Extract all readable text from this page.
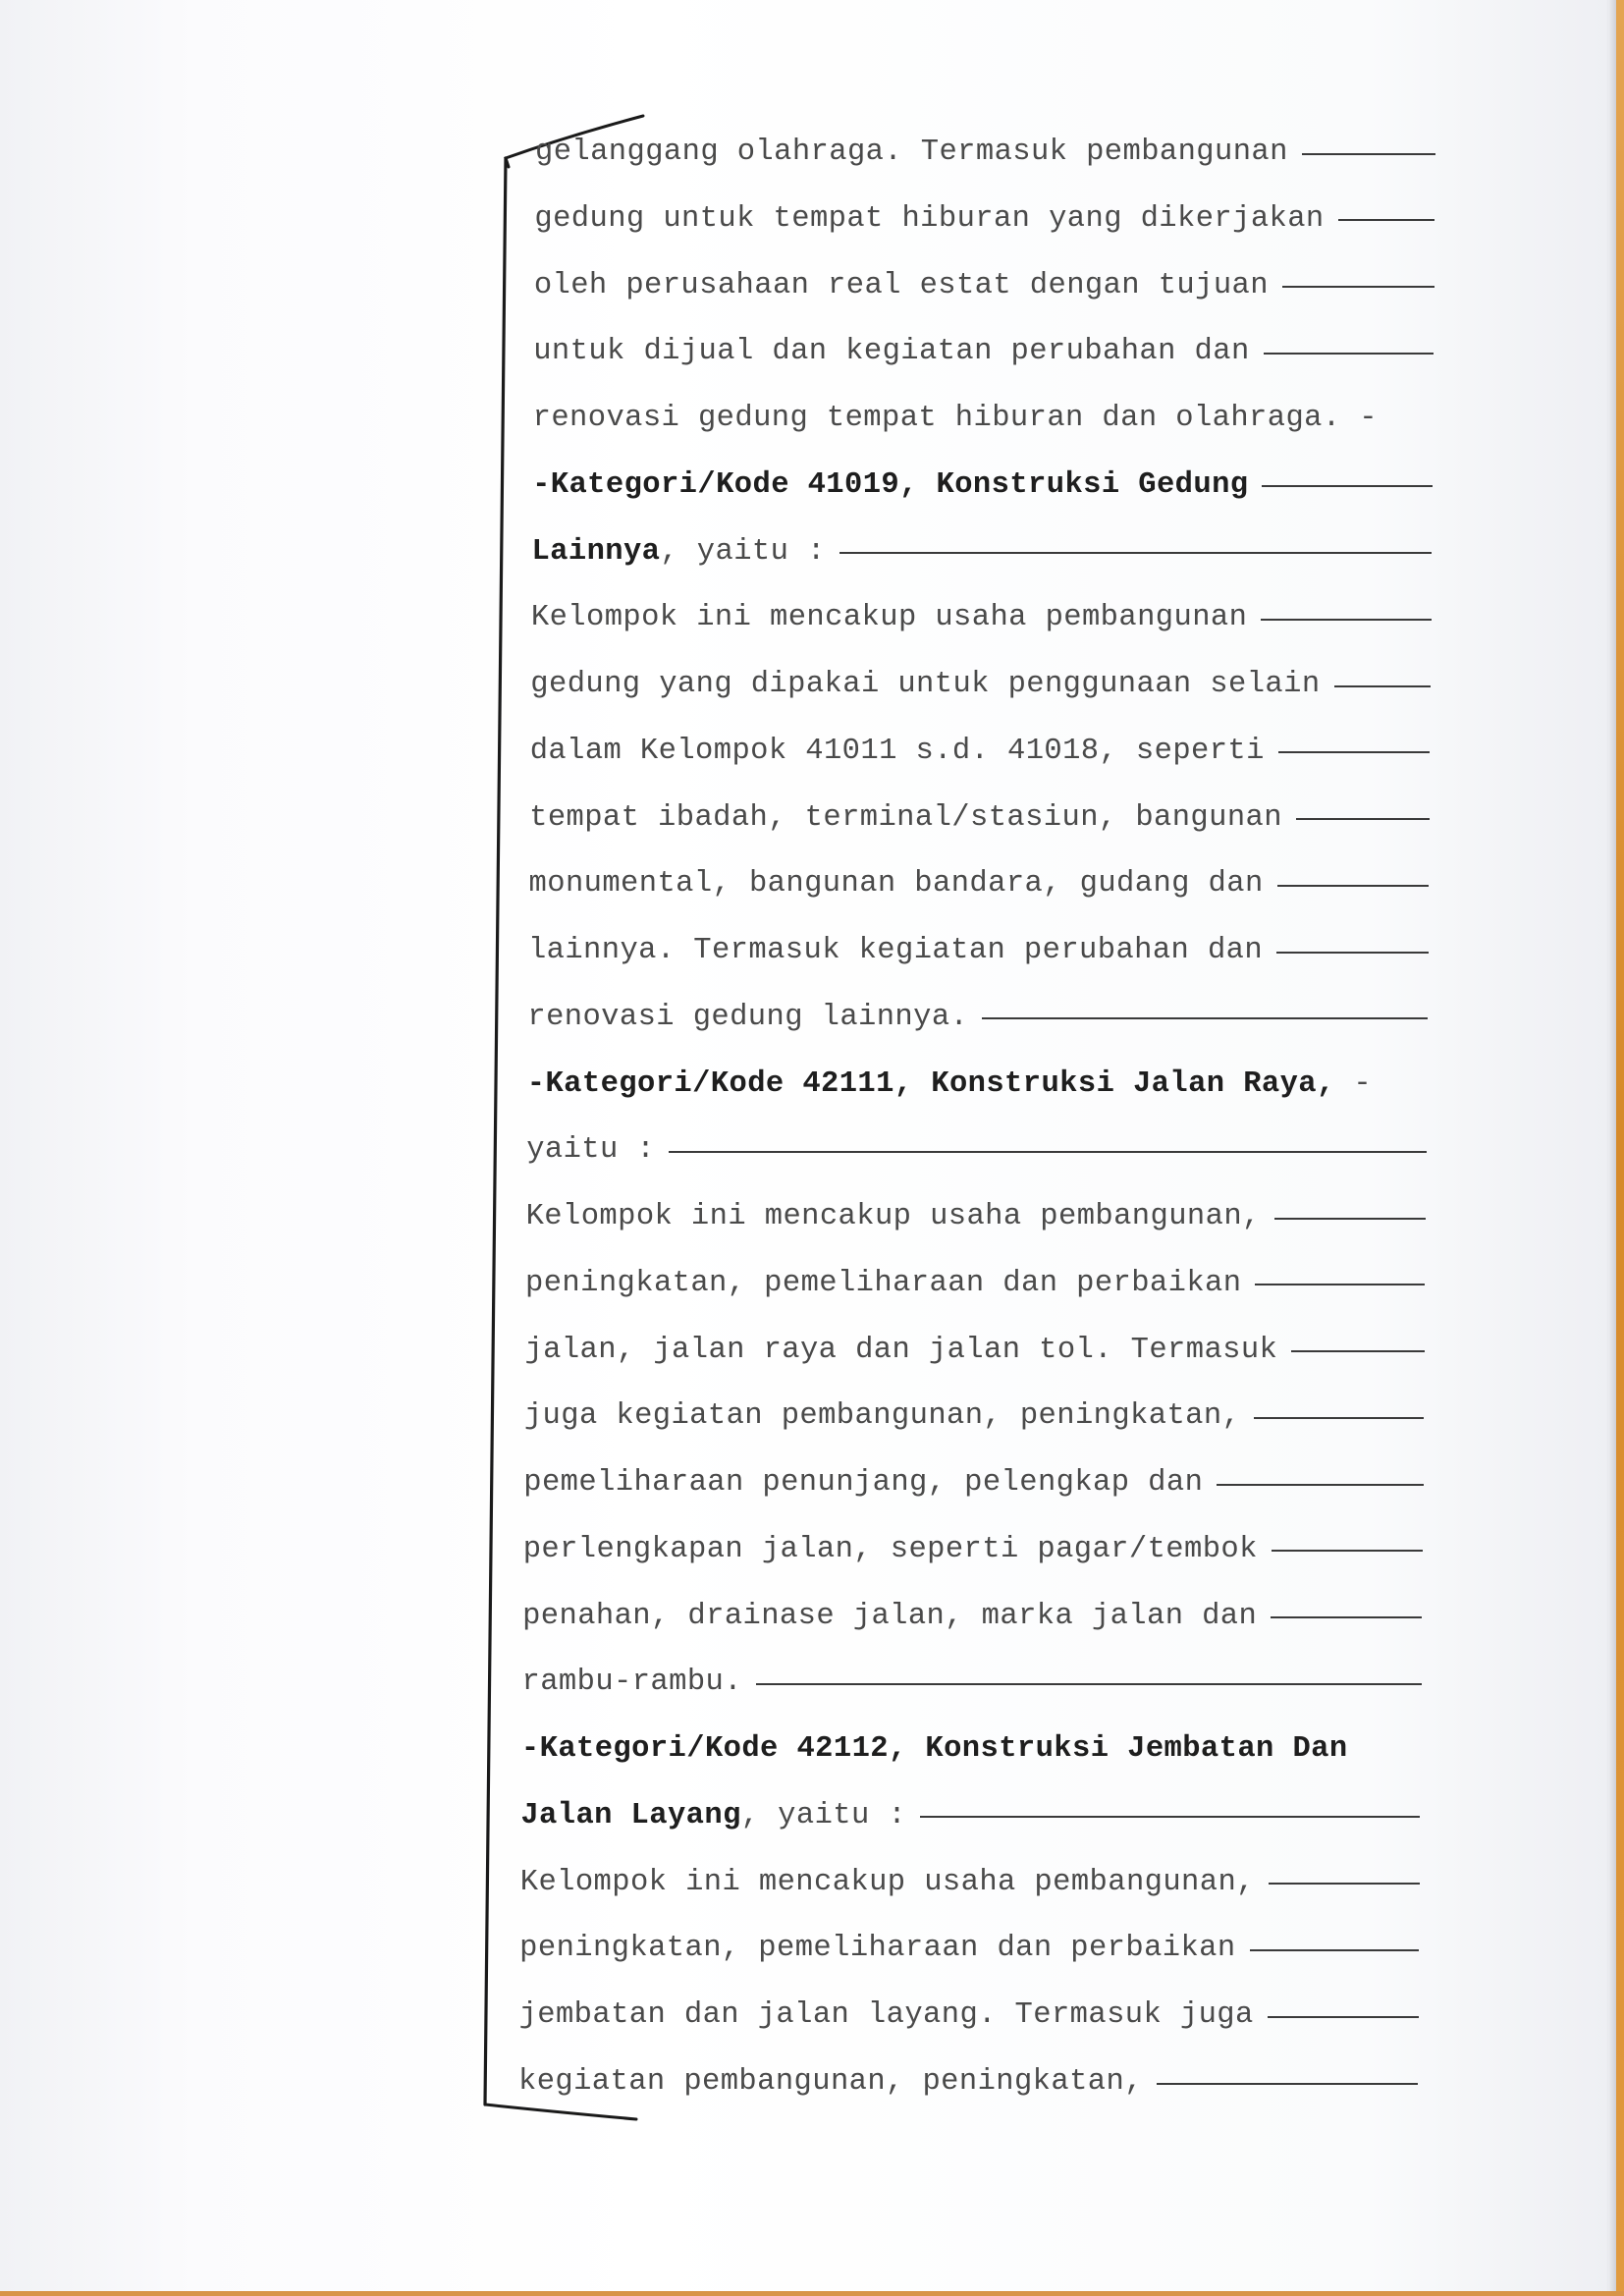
gelanggang olahraga. Termasuk pembangunan
gedung untuk tempat hiburan yang dikerjakan
oleh perusahaan real estat dengan tujuan
untuk dijual dan kegiatan perubahan dan
renovasi gedung tempat hiburan dan olahraga. -
-Kategori/Kode 41019, Konstruksi Gedung
Lainnya, yaitu :
Kelompok ini mencakup usaha pembangunan
gedung yang dipakai untuk penggunaan selain
dalam Kelompok 41011 s.d. 41018, seperti
tempat ibadah, terminal/stasiun, bangunan
monumental, bangunan bandara, gudang dan
lainnya. Termasuk kegiatan perubahan dan
renovasi gedung lainnya.
-Kategori/Kode 42111, Konstruksi Jalan Raya, -
yaitu :
Kelompok ini mencakup usaha pembangunan,
peningkatan, pemeliharaan dan perbaikan
jalan, jalan raya dan jalan tol. Termasuk
juga kegiatan pembangunan, peningkatan,
pemeliharaan penunjang, pelengkap dan
perlengkapan jalan, seperti pagar/tembok
penahan, drainase jalan, marka jalan dan
rambu-rambu.
-Kategori/Kode 42112, Konstruksi Jembatan Dan
Jalan Layang, yaitu :
Kelompok ini mencakup usaha pembangunan,
peningkatan, pemeliharaan dan perbaikan
jembatan dan jalan layang. Termasuk juga
kegiatan pembangunan, peningkatan,
